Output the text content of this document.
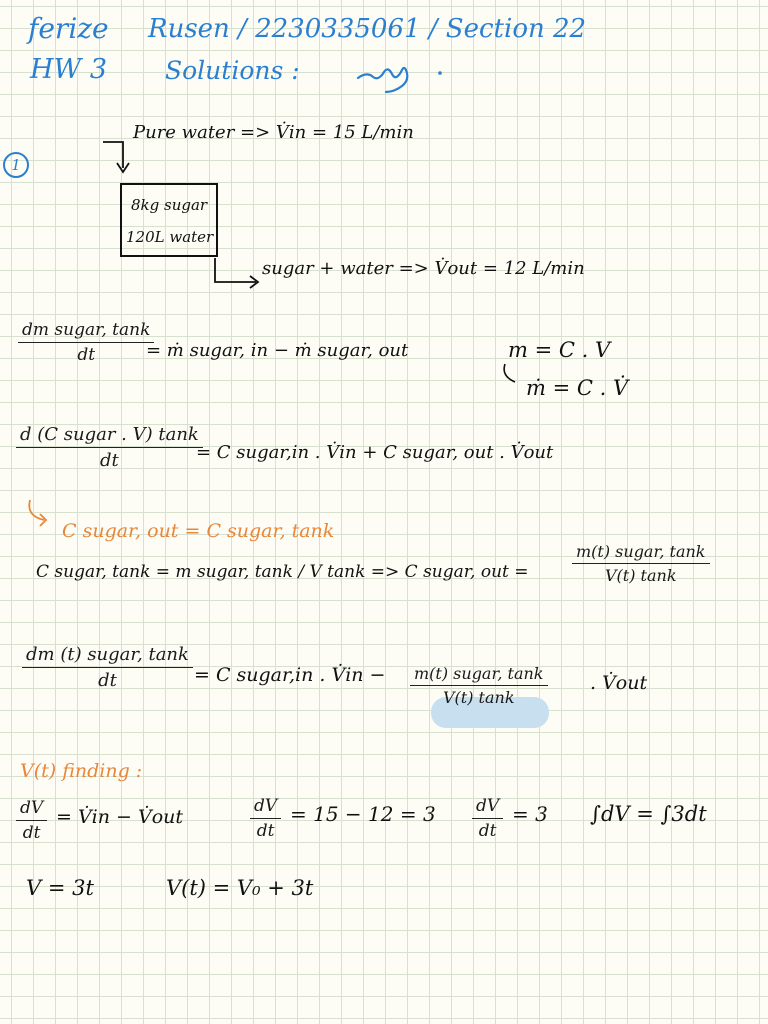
ferize Rusen / 2230335061 / Section 22
HW 3 Solutions :
1
Pure water => V̇in = 15 L/min
8kg sugar
120L water
sugar + water => V̇out = 12 L/min
dm sugar, tank
dt	= ṁ sugar, in − ṁ sugar, out	m = C . V
ṁ = C . V̇
d (C sugar . V) tank
dt	= C sugar,in . V̇in + C sugar, out . V̇out
C sugar, out = C sugar, tank
C sugar, tank = m sugar, tank / V tank => C sugar, out =
m(t) sugar, tank
V(t) tank
dm (t) sugar, tank
dt	= C sugar,in . V̇in − m(t) sugar, tank
V(t) tank
. V̇out
V(t) finding :
$\frac{dV}{dt}$ = V̇in − V̇out	$\frac{dV}{dt} = 15 - 12 = 3 \frac{dV}{dt} = 3$ ∫dV = ∫3dt
V = 3t	V(t) = V₀ + 3t
